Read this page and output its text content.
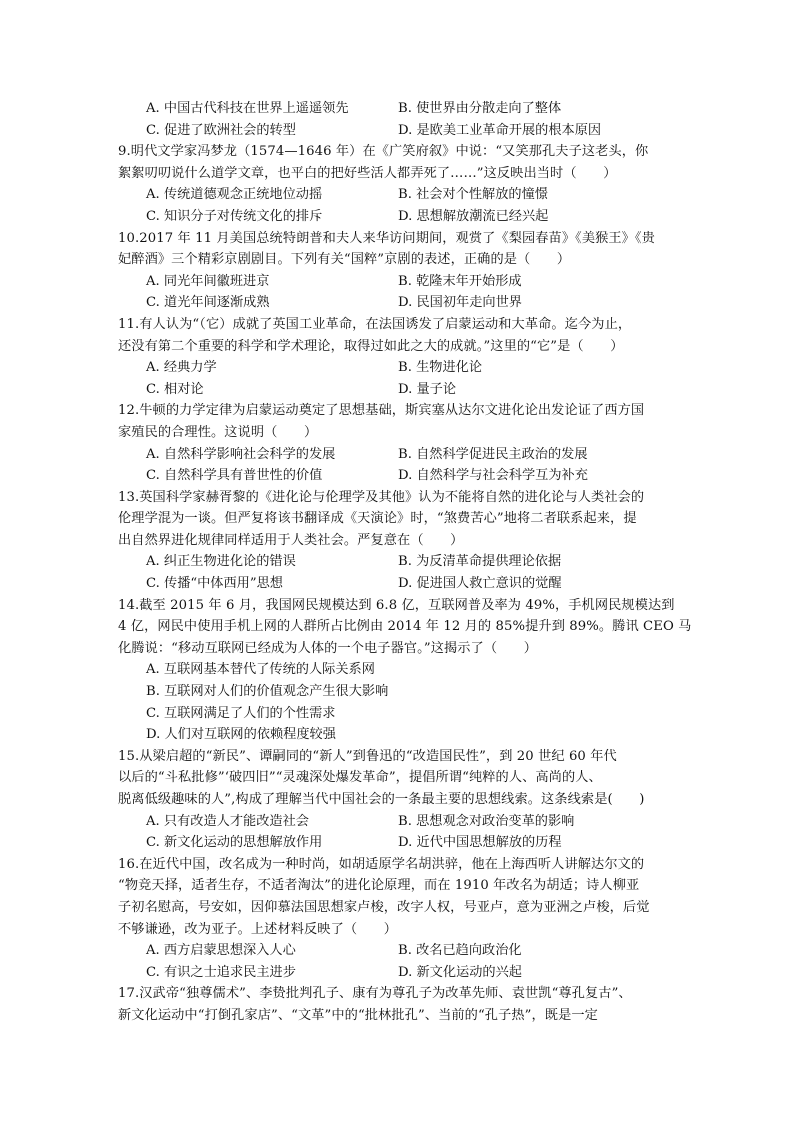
A. 中国古代科技在世界上遥遥领先	B. 使世界由分散走向了整体
C. 促进了欧洲社会的转型	D. 是欧美工业革命开展的根本原因
9.明代文学家冯梦龙（1574—1646 年）在《广笑府叙》中说：“又笑那孔夫子这老头，你
絮絮叨叨说什么道学文章，也平白的把好些活人都弄死了……”这反映出当时（　　）
A. 传统道德观念正统地位动摇	B. 社会对个性解放的憧憬
C. 知识分子对传统文化的排斥	D. 思想解放潮流已经兴起
10.2017 年 11 月美国总统特朗普和夫人来华访问期间，观赏了《梨园春苗》《美猴王》《贵
妃醉酒》三个精彩京剧剧目。下列有关“国粹”京剧的表述，正确的是（　　）
A. 同光年间徽班进京	B. 乾隆末年开始形成
C. 道光年间逐渐成熟	D. 民国初年走向世界
11.有人认为“（它）成就了英国工业革命，在法国诱发了启蒙运动和大革命。迄今为止，
还没有第二个重要的科学和学术理论，取得过如此之大的成就。”这里的“它”是（　　）
A. 经典力学	B. 生物进化论
C. 相对论	D. 量子论
12.牛顿的力学定律为启蒙运动奠定了思想基础，斯宾塞从达尔文进化论出发论证了西方国
家殖民的合理性。这说明（　　）
A. 自然科学影响社会科学的发展	B. 自然科学促进民主政治的发展
C. 自然科学具有普世性的价值	D. 自然科学与社会科学互为补充
13.英国科学家赫胥黎的《进化论与伦理学及其他》认为不能将自然的进化论与人类社会的
伦理学混为一谈。但严复将该书翻译成《天演论》时，“煞费苦心”地将二者联系起来，提
出自然界进化规律同样适用于人类社会。严复意在（　　）
A. 纠正生物进化论的错误	B. 为反清革命提供理论依据
C. 传播“中体西用”思想	D. 促进国人救亡意识的觉醒
14.截至 2015 年 6 月，我国网民规模达到 6.8 亿，互联网普及率为 49%，手机网民规模达到
4 亿，网民中使用手机上网的人群所占比例由 2014 年 12 月的 85%提升到 89%。腾讯 CEO 马
化腾说：“移动互联网已经成为人体的一个电子器官。”这揭示了（　　）
A. 互联网基本替代了传统的人际关系网
B. 互联网对人们的价值观念产生很大影响
C. 互联网满足了人们的个性需求
D. 人们对互联网的依赖程度较强
15.从梁启超的“新民”、谭嗣同的“新人”到鲁迅的“改造国民性”，到 20 世纪 60 年代
以后的“斗私批修”‘破四旧”“灵魂深处爆发革命”，提倡所谓“纯粹的人、高尚的人、
脱离低级趣味的人”,构成了理解当代中国社会的一条最主要的思想线索。这条线索是(　　)
A. 只有改造人才能改造社会	B. 思想观念对政治变革的影响
C. 新文化运动的思想解放作用	D. 近代中国思想解放的历程
16.在近代中国，改名成为一种时尚，如胡适原学名胡洪骍，他在上海西听人讲解达尔文的
“物竞天择，适者生存，不适者淘汰”的进化论原理，而在 1910 年改名为胡适；诗人柳亚
子初名慰高，号安如，因仰慕法国思想家卢梭，改字人权，号亚卢，意为亚洲之卢梭，后觉
不够谦逊，改为亚子。上述材料反映了（　　）
A. 西方启蒙思想深入人心	B. 改名已趋向政治化
C. 有识之士追求民主进步	D. 新文化运动的兴起
17.汉武帝“独尊儒术”、李贽批判孔子、康有为尊孔子为改革先师、袁世凯“尊孔复古”、
新文化运动中“打倒孔家店”、“文革”中的“批林批孔”、当前的“孔子热”，既是一定
